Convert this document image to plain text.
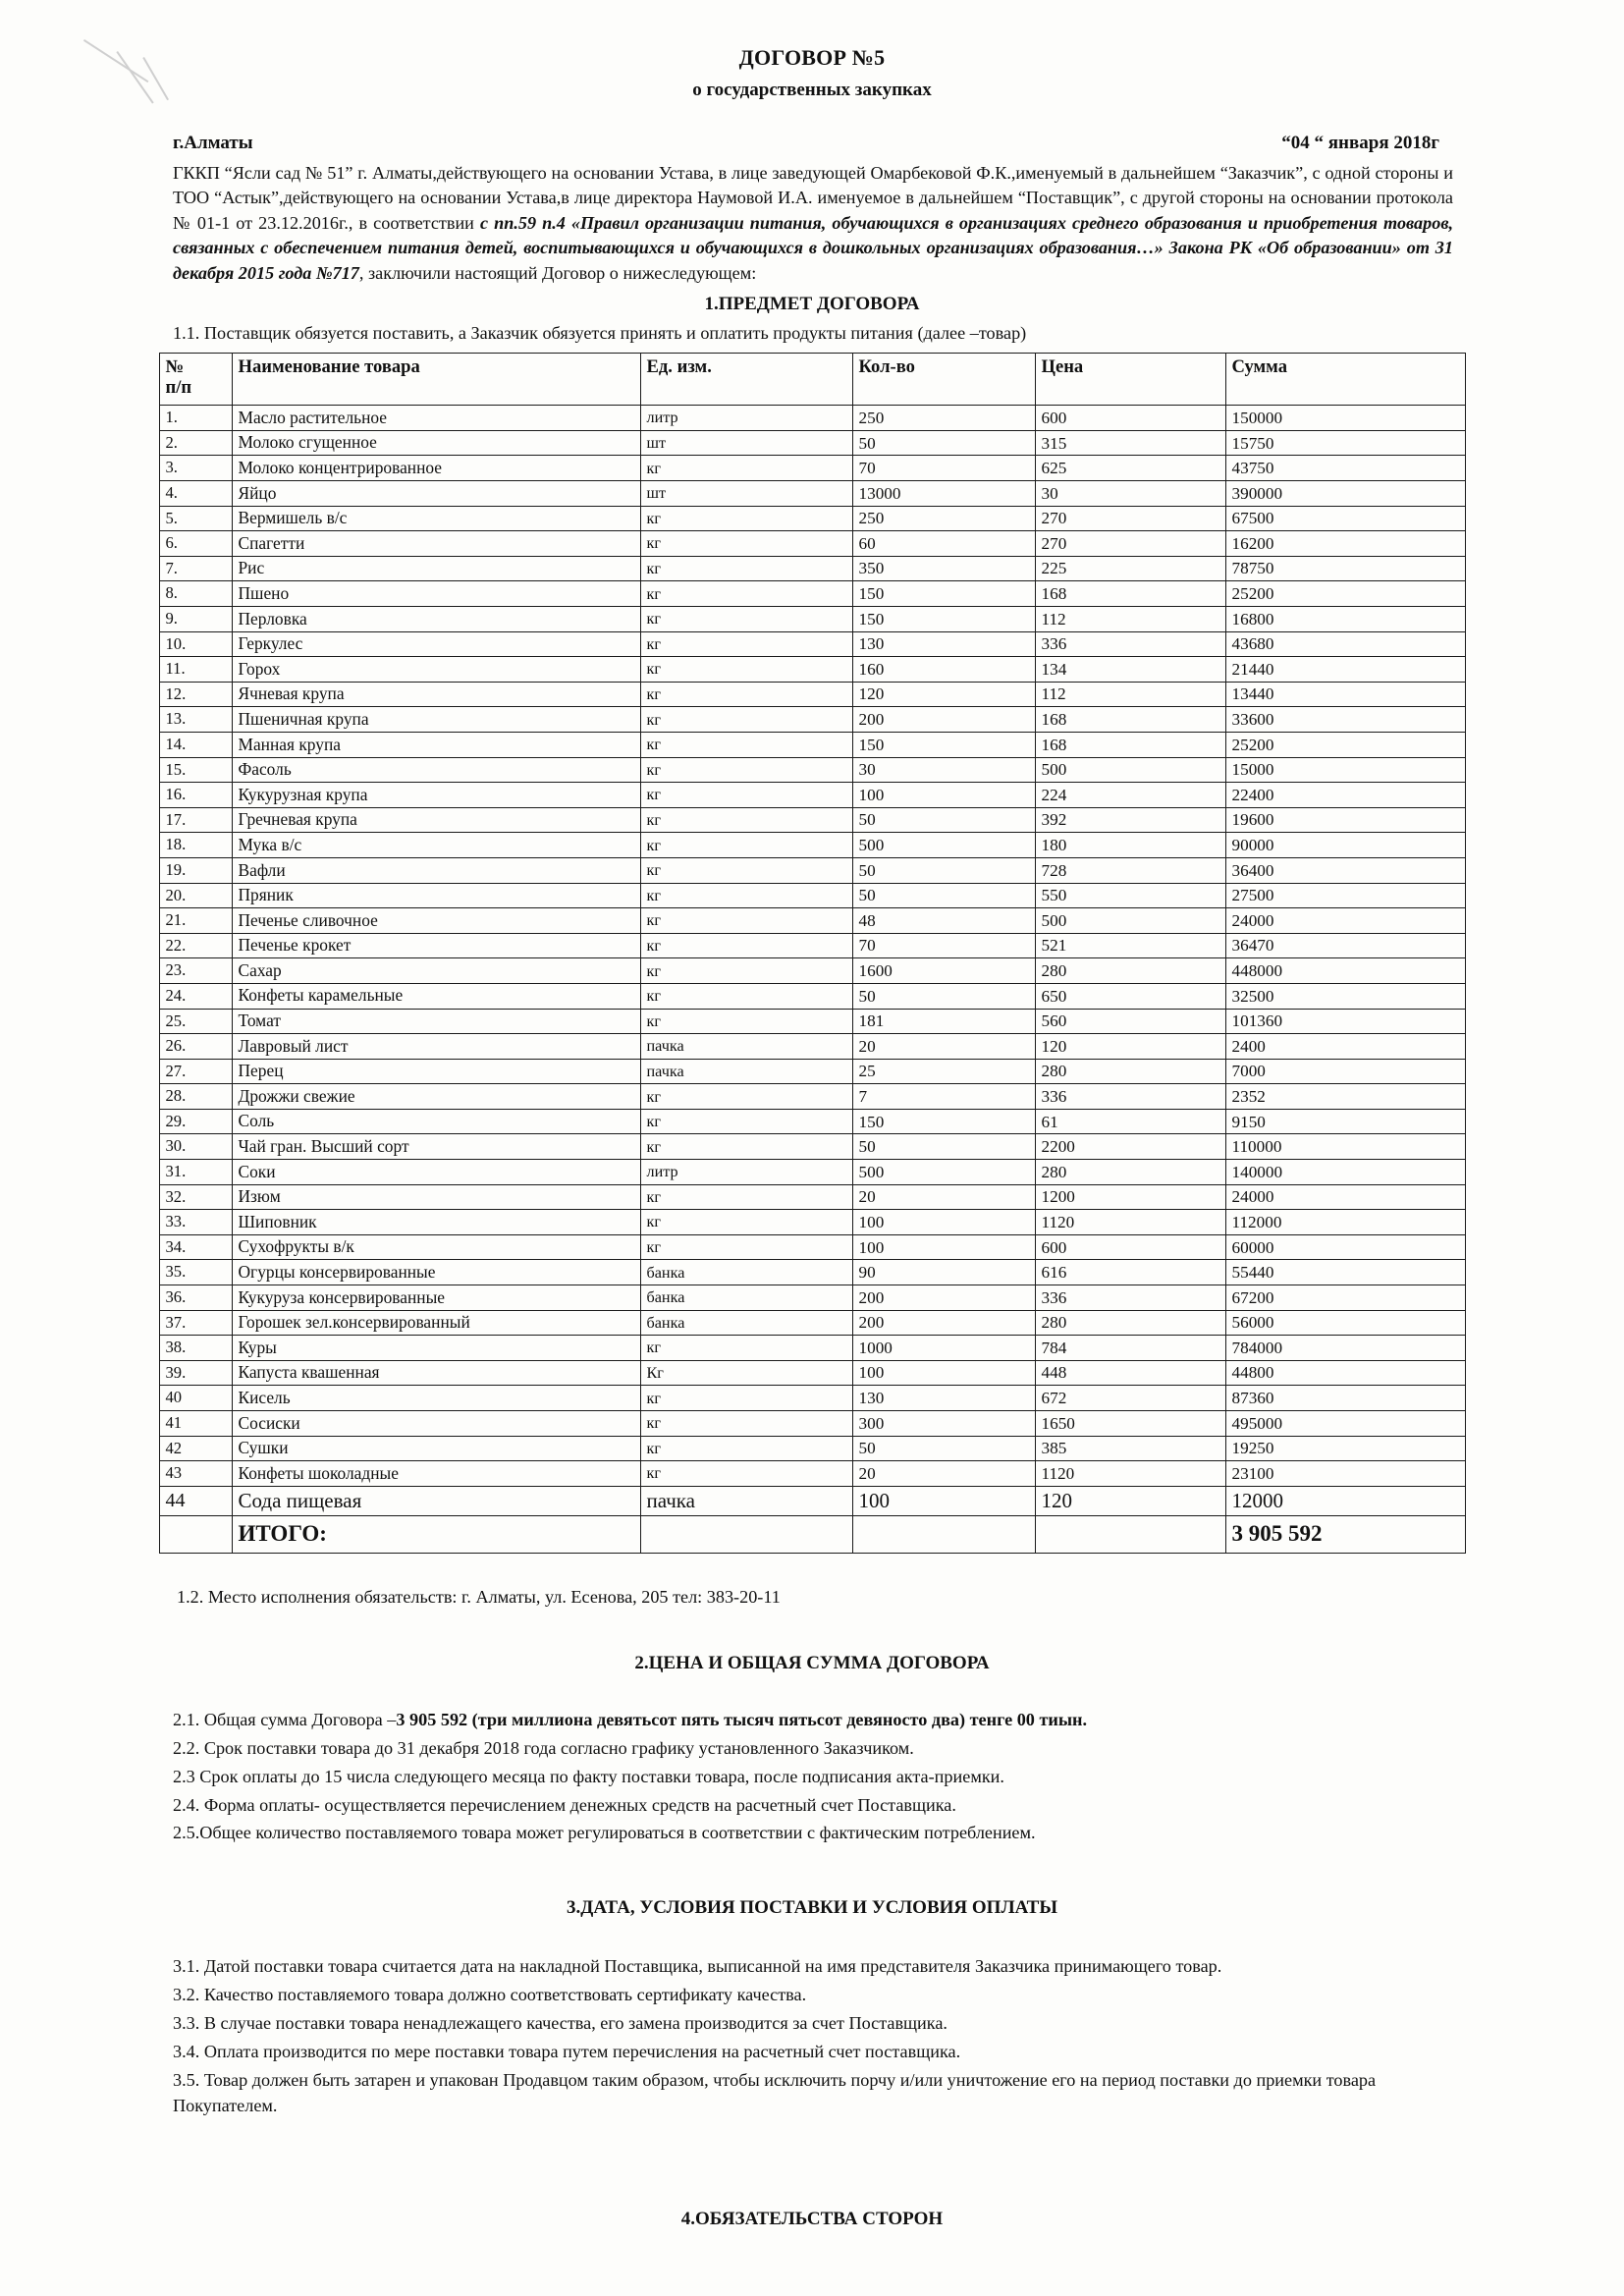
ДОГОВОР №5
о государственных закупках
г.Алматы	“04 “ января 2018г
ГККП “Ясли сад № 51” г. Алматы,действующего на основании Устава, в лице заведующей Омарбековой Ф.К.,именуемый в дальнейшем “Заказчик”, с одной стороны и ТОО “Астык”,действующего на основании Устава,в лице директора Наумовой И.А. именуемое в дальнейшем “Поставщик”, с другой стороны на основании протокола № 01-1 от 23.12.2016г., в соответствии с пп.59 п.4 «Правил организации питания, обучающихся в организациях среднего образования и приобретения товаров, связанных с обеспечением питания детей, воспитывающихся и обучающихся в дошкольных организациях образования…» Закона РК «Об образовании» от 31 декабря 2015 года №717, заключили настоящий Договор о нижеследующем:
1.ПРЕДМЕТ ДОГОВОРА
1.1. Поставщик обязуется поставить, а Заказчик обязуется принять и оплатить продукты питания (далее –товар)
№
п/п	Наименование товара	Ед. изм.	Кол-во	Цена	Сумма
1.	Масло растительное	литр	250	600	150000
2.	Молоко сгущенное	шт	50	315	15750
3.	Молоко концентрированное	кг	70	625	43750
4.	Яйцо	шт	13000	30	390000
5.	Вермишель в/с	кг	250	270	67500
6.	Спагетти	кг	60	270	16200
7.	Рис	кг	350	225	78750
8.	Пшено	кг	150	168	25200
9.	Перловка	кг	150	112	16800
10.	Геркулес	кг	130	336	43680
11.	Горох	кг	160	134	21440
12.	Ячневая крупа	кг	120	112	13440
13.	Пшеничная крупа	кг	200	168	33600
14.	Манная крупа	кг	150	168	25200
15.	Фасоль	кг	30	500	15000
16.	Кукурузная крупа	кг	100	224	22400
17.	Гречневая крупа	кг	50	392	19600
18.	Мука в/с	кг	500	180	90000
19.	Вафли	кг	50	728	36400
20.	Пряник	кг	50	550	27500
21.	Печенье сливочное	кг	48	500	24000
22.	Печенье крокет	кг	70	521	36470
23.	Сахар	кг	1600	280	448000
24.	Конфеты карамельные	кг	50	650	32500
25.	Томат	кг	181	560	101360
26.	Лавровый лист	пачка	20	120	2400
27.	Перец	пачка	25	280	7000
28.	Дрожжи свежие	кг	7	336	2352
29.	Соль	кг	150	61	9150
30.	Чай гран. Высший сорт	кг	50	2200	110000
31.	Соки	литр	500	280	140000
32.	Изюм	кг	20	1200	24000
33.	Шиповник	кг	100	1120	112000
34.	Сухофрукты в/к	кг	100	600	60000
35.	Огурцы консервированные	банка	90	616	55440
36.	Кукуруза консервированные	банка	200	336	67200
37.	Горошек зел.консервированный	банка	200	280	56000
38.	Куры	кг	1000	784	784000
39.	Капуста квашенная	Кг	100	448	44800
40	Кисель	кг	130	672	87360
41	Сосиски	кг	300	1650	495000
42	Сушки	кг	50	385	19250
43	Конфеты шоколадные	кг	20	1120	23100
44	Сода пищевая	пачка	100	120	12000
	ИТОГО:				3 905 592

1.2. Место исполнения обязательств: г. Алматы, ул. Есенова, 205 тел: 383-20-11

2.ЦЕНА И ОБЩАЯ СУММА ДОГОВОРА

2.1. Общая сумма Договора –3 905 592 (три миллиона девятьсот пять тысяч пятьсот девяносто два) тенге 00 тиын.

2.2. Срок поставки товара до 31 декабря 2018 года согласно графику установленного Заказчиком.

2.3 Срок оплаты до 15 числа следующего месяца по факту поставки товара, после подписания акта-приемки.

2.4. Форма оплаты- осуществляется перечислением денежных средств на расчетный счет Поставщика.

2.5.Общее количество поставляемого товара может регулироваться в соответствии с фактическим потреблением.

3.ДАТА, УСЛОВИЯ ПОСТАВКИ И УСЛОВИЯ ОПЛАТЫ

3.1. Датой поставки товара считается дата на накладной Поставщика, выписанной на имя представителя Заказчика принимающего товар.

3.2. Качество поставляемого товара должно соответствовать сертификату качества.

3.3. В случае поставки товара ненадлежащего качества, его замена производится за счет Поставщика.

3.4. Оплата производится по мере поставки товара путем перечисления на расчетный счет поставщика.

3.5. Товар должен быть затарен и упакован Продавцом таким образом, чтобы исключить порчу и/или уничтожение его на период поставки до приемки товара Покупателем.

4.ОБЯЗАТЕЛЬСТВА СТОРОН
